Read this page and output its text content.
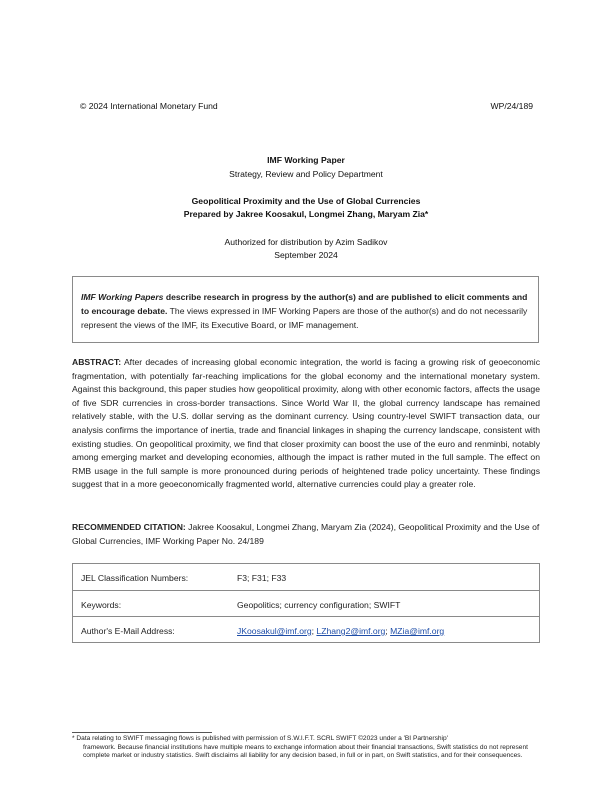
© 2024 International Monetary Fund	WP/24/189
IMF Working Paper
Strategy, Review and Policy Department
Geopolitical Proximity and the Use of Global Currencies
Prepared by Jakree Koosakul, Longmei Zhang, Maryam Zia*
Authorized for distribution by Azim Sadikov
September 2024
IMF Working Papers describe research in progress by the author(s) and are published to elicit comments and to encourage debate. The views expressed in IMF Working Papers are those of the author(s) and do not necessarily represent the views of the IMF, its Executive Board, or IMF management.
ABSTRACT: After decades of increasing global economic integration, the world is facing a growing risk of geoeconomic fragmentation, with potentially far-reaching implications for the global economy and the international monetary system. Against this background, this paper studies how geopolitical proximity, along with other economic factors, affects the usage of five SDR currencies in cross-border transactions. Since World War II, the global currency landscape has remained relatively stable, with the U.S. dollar serving as the dominant currency. Using country-level SWIFT transaction data, our analysis confirms the importance of inertia, trade and financial linkages in shaping the currency landscape, consistent with existing studies. On geopolitical proximity, we find that closer proximity can boost the use of the euro and renminbi, notably among emerging market and developing economies, although the impact is rather muted in the full sample. The effect on RMB usage in the full sample is more pronounced during periods of heightened trade policy uncertainty. These findings suggest that in a more geoeconomically fragmented world, alternative currencies could play a greater role.
RECOMMENDED CITATION: Jakree Koosakul, Longmei Zhang, Maryam Zia (2024), Geopolitical Proximity and the Use of Global Currencies, IMF Working Paper No. 24/189
JEL Classification Numbers:	F3; F31; F33
Keywords:	Geopolitics; currency configuration; SWIFT
Author's E-Mail Address:	JKoosakul@imf.org; LZhang2@imf.org; MZia@imf.org
* Data relating to SWIFT messaging flows is published with permission of S.W.I.F.T. SCRL SWIFT ©2023 under a 'BI Partnership'
framework. Because financial institutions have multiple means to exchange information about their financial transactions, Swift statistics do not represent complete market or industry statistics. Swift disclaims all liability for any decision based, in full or in part, on Swift statistics, and for their consequences.
